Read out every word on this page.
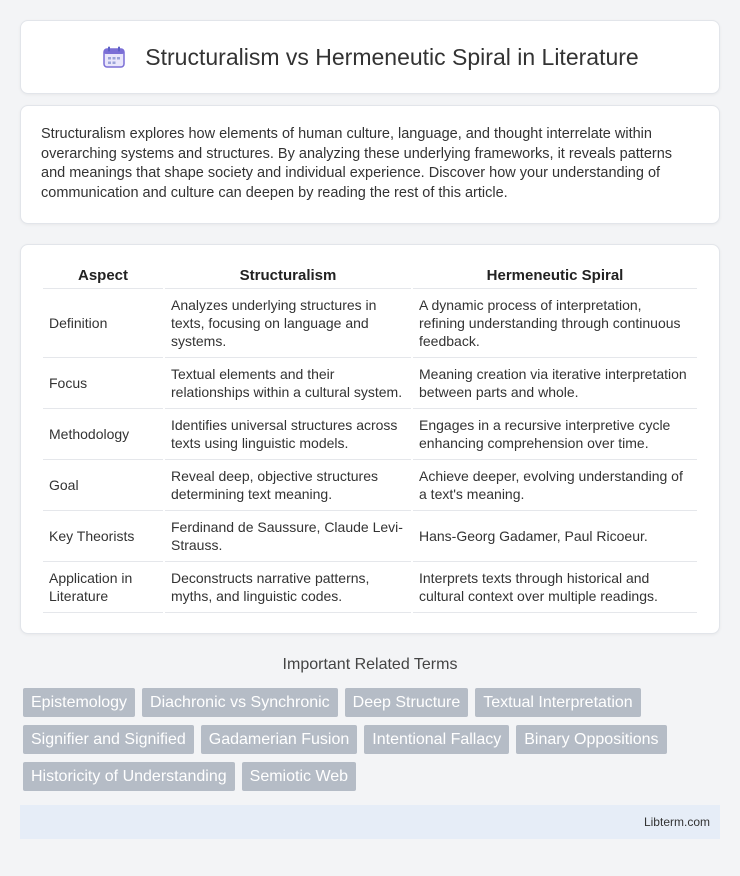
Structuralism vs Hermeneutic Spiral in Literature

Structuralism explores how elements of human culture, language, and thought interrelate within overarching systems and structures. By analyzing these underlying frameworks, it reveals patterns and meanings that shape society and individual experience. Discover how your understanding of communication and culture can deepen by reading the rest of this article.

Aspect	Structuralism	Hermeneutic Spiral
Definition	Analyzes underlying structures in texts, focusing on language and systems.	A dynamic process of interpretation, refining understanding through continuous feedback.
Focus	Textual elements and their relationships within a cultural system.	Meaning creation via iterative interpretation between parts and whole.
Methodology	Identifies universal structures across texts using linguistic models.	Engages in a recursive interpretive cycle enhancing comprehension over time.
Goal	Reveal deep, objective structures determining text meaning.	Achieve deeper, evolving understanding of a text's meaning.
Key Theorists	Ferdinand de Saussure, Claude Levi-Strauss.	Hans-Georg Gadamer, Paul Ricoeur.
Application in Literature	Deconstructs narrative patterns, myths, and linguistic codes.	Interprets texts through historical and cultural context over multiple readings.
Important Related Terms
Epistemology	Diachronic vs Synchronic	Deep Structure	Textual Interpretation
Signifier and Signified	Gadamerian Fusion	Intentional Fallacy	Binary Oppositions
Historicity of Understanding	Semiotic Web
Libterm.com
